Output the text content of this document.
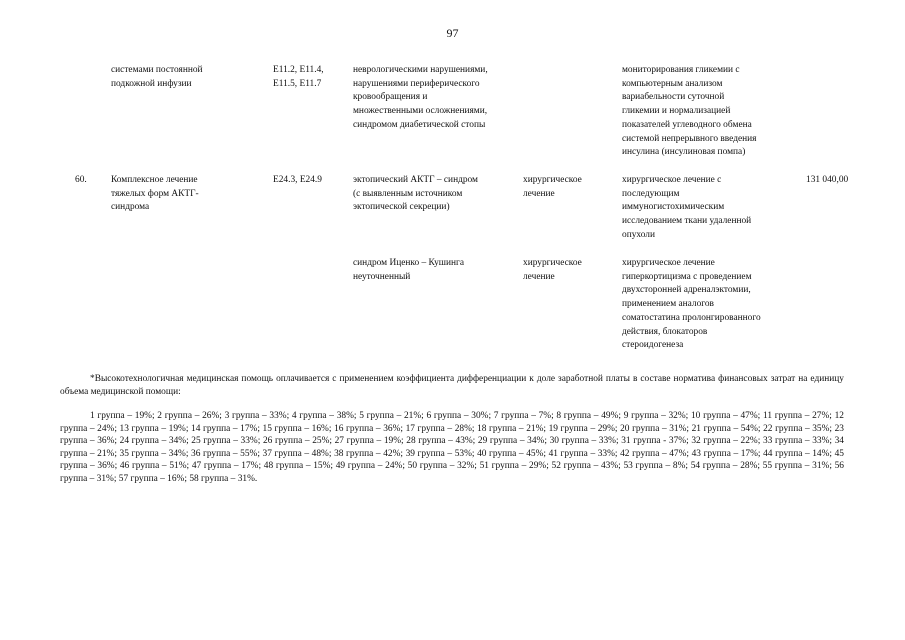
97
системами постоянной
подкожной инфузии
E11.2, E11.4,
E11.5, E11.7
неврологическими нарушениями,
нарушениями периферического
кровообращения и
множественными осложнениями,
синдромом диабетической стопы
мониторирования гликемии с
компьютерным анализом
вариабельности суточной
гликемии и нормализацией
показателей углеводного обмена
системой непрерывного введения
инсулина (инсулиновая помпа)
60.	Комплексное лечение
тяжелых форм АКТГ-
синдрома
E24.3, E24.9	эктопический АКТГ – синдром
(с выявленным источником
эктопической секреции)
хирургическое
лечение
хирургическое лечение с
последующим
иммуногистохимическим
исследованием ткани удаленной
опухоли
131 040,00
синдром Иценко – Кушинга
неуточненный
хирургическое
лечение
хирургическое лечение
гиперкортицизма с проведением
двухсторонней адреналэктомии,
применением аналогов
соматостатина пролонгированного
действия, блокаторов
стероидогенеза
*Высокотехнологичная медицинская помощь оплачивается с применением коэффициента дифференциации к доле заработной платы в составе норматива финансовых затрат на единицу объема медицинской помощи:
1 группа – 19%; 2 группа – 26%; 3 группа – 33%; 4 группа – 38%; 5 группа – 21%; 6 группа – 30%; 7 группа – 7%; 8 группа – 49%; 9 группа – 32%; 10 группа – 47%; 11 группа – 27%; 12 группа – 24%; 13 группа – 19%; 14 группа – 17%; 15 группа – 16%; 16 группа – 36%; 17 группа – 28%; 18 группа – 21%; 19 группа – 29%; 20 группа – 31%; 21 группа – 54%; 22 группа – 35%; 23 группа – 36%; 24 группа – 34%; 25 группа – 33%; 26 группа – 25%; 27 группа – 19%; 28 группа – 43%; 29 группа – 34%; 30 группа – 33%; 31 группа - 37%; 32 группа – 22%; 33 группа – 33%; 34 группа – 21%; 35 группа – 34%; 36 группа – 55%; 37 группа – 48%; 38 группа – 42%; 39 группа – 53%; 40 группа – 45%; 41 группа – 33%; 42 группа – 47%; 43 группа – 17%; 44 группа – 14%; 45 группа – 36%; 46 группа – 51%; 47 группа – 17%; 48 группа – 15%; 49 группа – 24%; 50 группа – 32%; 51 группа – 29%; 52 группа – 43%; 53 группа – 8%; 54 группа – 28%; 55 группа – 31%; 56 группа – 31%; 57 группа – 16%; 58 группа – 31%.
